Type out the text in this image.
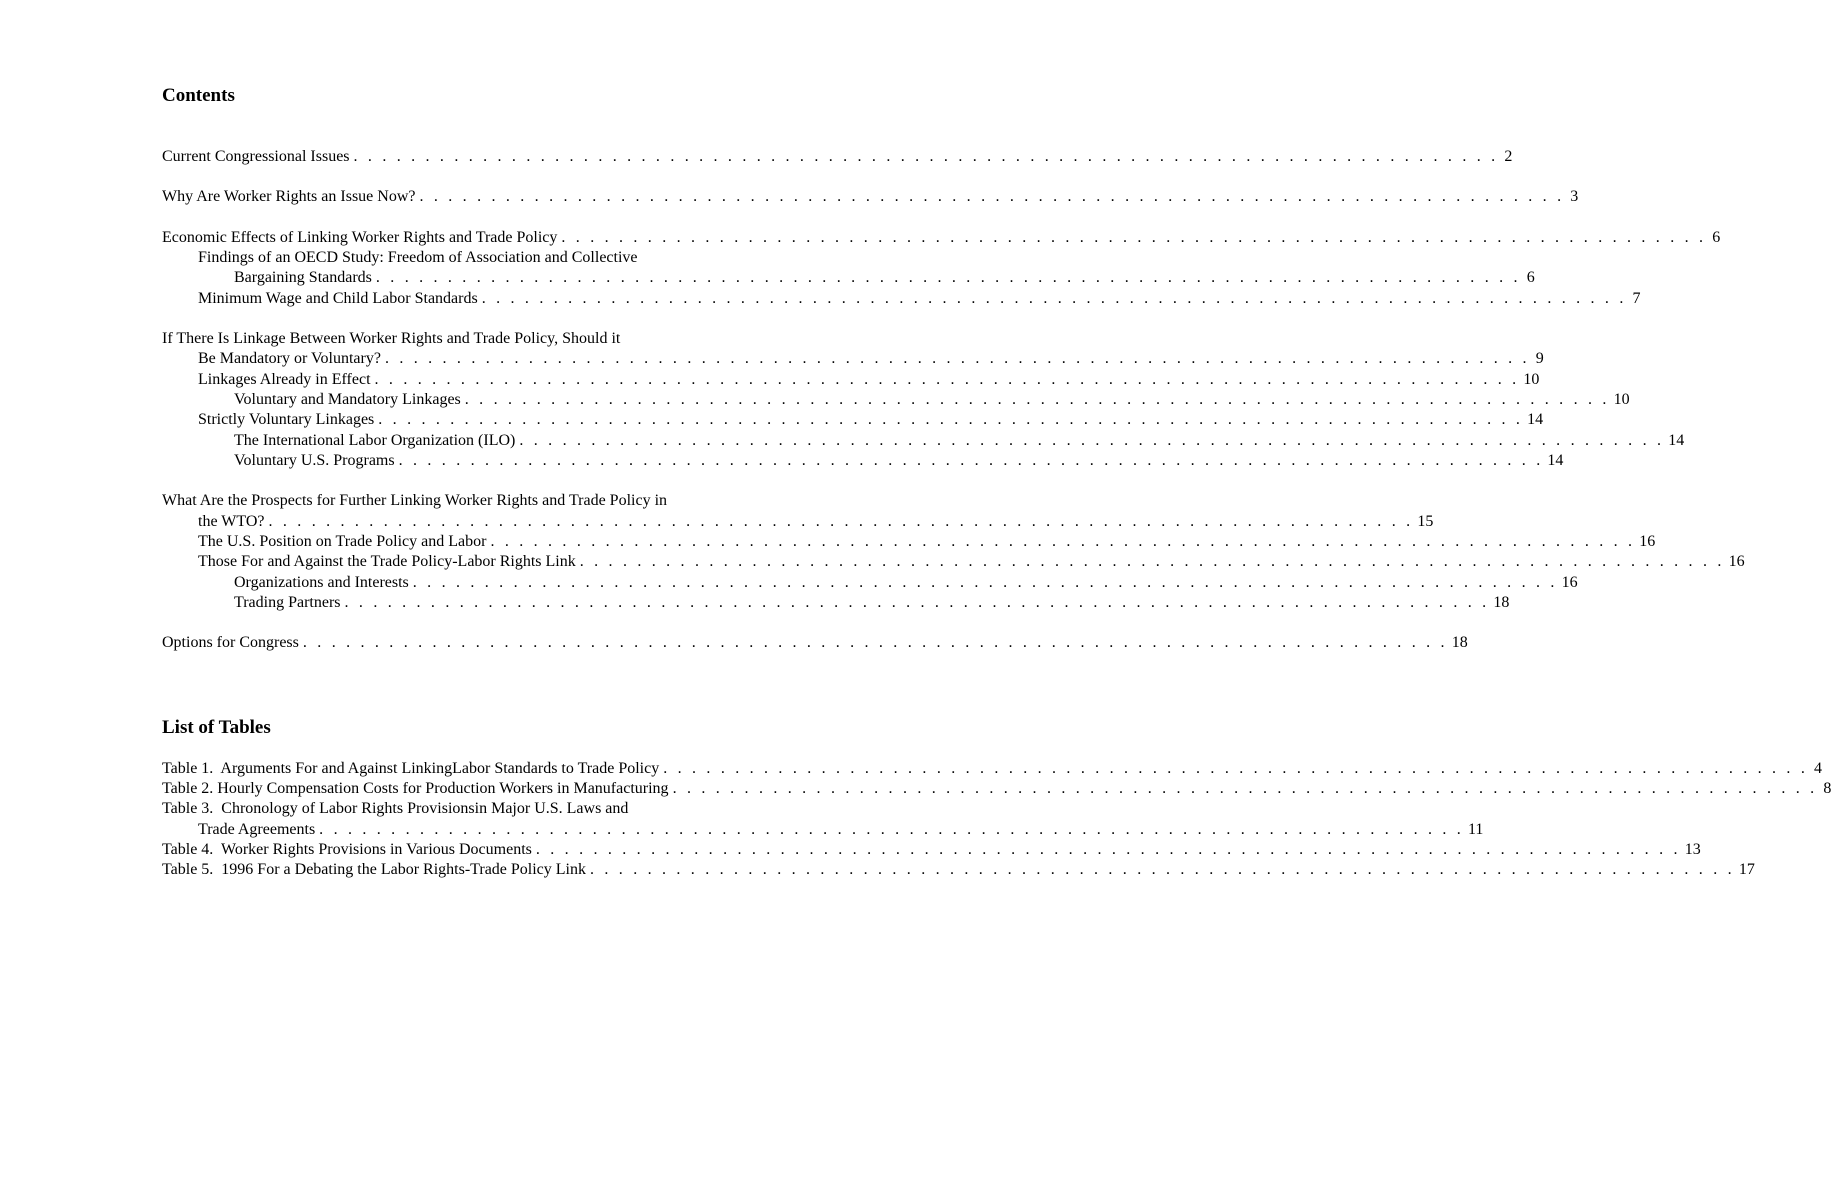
Contents
Current Congressional Issues . . . . . . . . . . . . . . . . . . . . . . . . . . . . . . . . . . . . . . . . . . . . . . . . . . . . . . . . . . . . . . . . . . . . . . . . . . . . . . . . 2
Why Are Worker Rights an Issue Now? . . . . . . . . . . . . . . . . . . . . . . . . . . . . . . . . . . . . . . . . . . . . . . . . . . . . . . . . . . . . . . . . . . . . . . . . . . . . . . . . 3
Economic Effects of Linking Worker Rights and Trade Policy . . . . . . . . . . . . . . . . . . . . . . . . . . . . . . . . . . . . . . . . . . . . . . . . . . . . . . . . . . . . . . . . . . . . . . . . . . . . . . . . 6
Findings of an OECD Study: Freedom of Association and Collective
Bargaining Standards . . . . . . . . . . . . . . . . . . . . . . . . . . . . . . . . . . . . . . . . . . . . . . . . . . . . . . . . . . . . . . . . . . . . . . . . . . . . . . . . 6
Minimum Wage and Child Labor Standards . . . . . . . . . . . . . . . . . . . . . . . . . . . . . . . . . . . . . . . . . . . . . . . . . . . . . . . . . . . . . . . . . . . . . . . . . . . . . . . . 7
If There Is Linkage Between Worker Rights and Trade Policy, Should it
Be Mandatory or Voluntary? . . . . . . . . . . . . . . . . . . . . . . . . . . . . . . . . . . . . . . . . . . . . . . . . . . . . . . . . . . . . . . . . . . . . . . . . . . . . . . . . 9
Linkages Already in Effect . . . . . . . . . . . . . . . . . . . . . . . . . . . . . . . . . . . . . . . . . . . . . . . . . . . . . . . . . . . . . . . . . . . . . . . . . . . . . . . . 10
Voluntary and Mandatory Linkages . . . . . . . . . . . . . . . . . . . . . . . . . . . . . . . . . . . . . . . . . . . . . . . . . . . . . . . . . . . . . . . . . . . . . . . . . . . . . . . . 10
Strictly Voluntary Linkages . . . . . . . . . . . . . . . . . . . . . . . . . . . . . . . . . . . . . . . . . . . . . . . . . . . . . . . . . . . . . . . . . . . . . . . . . . . . . . . . 14
The International Labor Organization (ILO) . . . . . . . . . . . . . . . . . . . . . . . . . . . . . . . . . . . . . . . . . . . . . . . . . . . . . . . . . . . . . . . . . . . . . . . . . . . . . . . . 14
Voluntary U.S. Programs . . . . . . . . . . . . . . . . . . . . . . . . . . . . . . . . . . . . . . . . . . . . . . . . . . . . . . . . . . . . . . . . . . . . . . . . . . . . . . . . 14
What Are the Prospects for Further Linking Worker Rights and Trade Policy in
the WTO? . . . . . . . . . . . . . . . . . . . . . . . . . . . . . . . . . . . . . . . . . . . . . . . . . . . . . . . . . . . . . . . . . . . . . . . . . . . . . . . . 15
The U.S. Position on Trade Policy and Labor . . . . . . . . . . . . . . . . . . . . . . . . . . . . . . . . . . . . . . . . . . . . . . . . . . . . . . . . . . . . . . . . . . . . . . . . . . . . . . . . 16
Those For and Against the Trade Policy-Labor Rights Link . . . . . . . . . . . . . . . . . . . . . . . . . . . . . . . . . . . . . . . . . . . . . . . . . . . . . . . . . . . . . . . . . . . . . . . . . . . . . . . . 16
Organizations and Interests . . . . . . . . . . . . . . . . . . . . . . . . . . . . . . . . . . . . . . . . . . . . . . . . . . . . . . . . . . . . . . . . . . . . . . . . . . . . . . . . 16
Trading Partners . . . . . . . . . . . . . . . . . . . . . . . . . . . . . . . . . . . . . . . . . . . . . . . . . . . . . . . . . . . . . . . . . . . . . . . . . . . . . . . . 18
Options for Congress . . . . . . . . . . . . . . . . . . . . . . . . . . . . . . . . . . . . . . . . . . . . . . . . . . . . . . . . . . . . . . . . . . . . . . . . . . . . . . . . 18
List of Tables
Table 1.  Arguments For and Against LinkingLabor Standards to Trade Policy . . . . . . . . . . . . . . . . . . . . . . . . . . . . . . . . . . . . . . . . . . . . . . . . . . . . . . . . . . . . . . . . . . . . . . . . . . . . . . . . 4
Table 2. Hourly Compensation Costs for Production Workers in Manufacturing . . . . . . . . . . . . . . . . . . . . . . . . . . . . . . . . . . . . . . . . . . . . . . . . . . . . . . . . . . . . . . . . . . . . . . . . . . . . . . . . 8
Table 3.  Chronology of Labor Rights Provisionsin Major U.S. Laws and
Trade Agreements . . . . . . . . . . . . . . . . . . . . . . . . . . . . . . . . . . . . . . . . . . . . . . . . . . . . . . . . . . . . . . . . . . . . . . . . . . . . . . . . 11
Table 4.  Worker Rights Provisions in Various Documents . . . . . . . . . . . . . . . . . . . . . . . . . . . . . . . . . . . . . . . . . . . . . . . . . . . . . . . . . . . . . . . . . . . . . . . . . . . . . . . . 13
Table 5.  1996 For a Debating the Labor Rights-Trade Policy Link . . . . . . . . . . . . . . . . . . . . . . . . . . . . . . . . . . . . . . . . . . . . . . . . . . . . . . . . . . . . . . . . . . . . . . . . . . . . . . . . 17
